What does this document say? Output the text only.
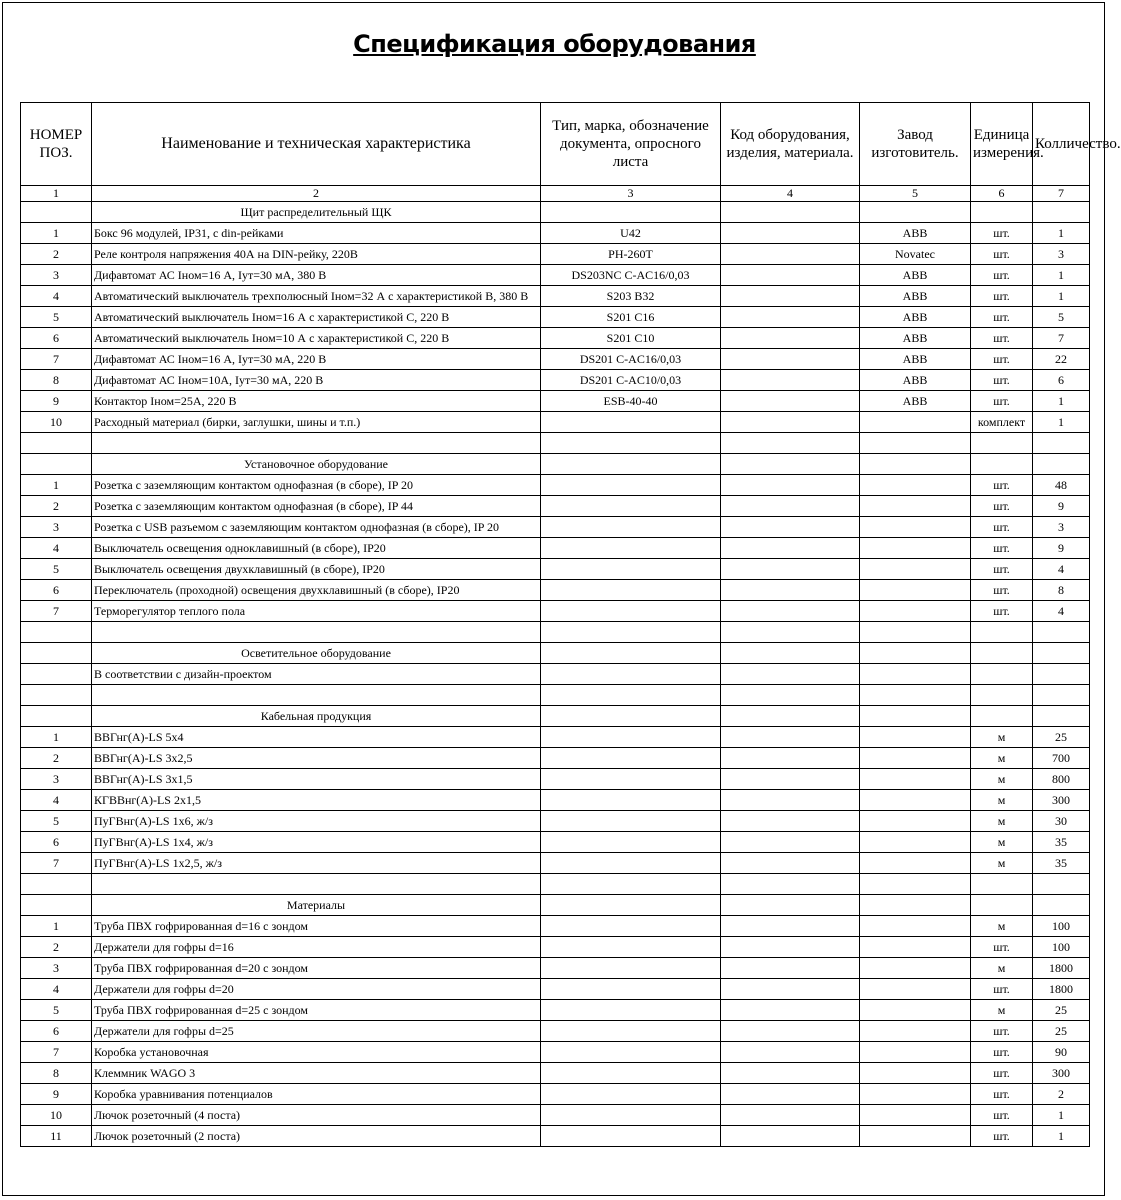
Спецификация оборудования
НОМЕР ПОЗ.	Наименование и техническая характеристика	Тип, марка, обозначение документа, опросного листа	Код оборудования, изделия, материала.	Завод изготовитель.	Единица измерения.	Колличество.
1	2	3	4	5	6	7
	Щит распределительный ЩК					
1	Бокс 96 модулей, IP31, с din-рейками	U42		ABB	шт.	1
2	Реле контроля напряжения 40А на DIN-рейку, 220В	РН-260Т		Novatec	шт.	3
3	Дифавтомат АС Iном=16 А, Iут=30 мА, 380 В	DS203NC C-AC16/0,03		ABB	шт.	1
4	Автоматический выключатель трехполюсный Iном=32 А с характеристикой В, 380 В	S203 B32		ABB	шт.	1
5	Автоматический выключатель Iном=16 А с характеристикой С, 220 В	S201 C16		ABB	шт.	5
6	Автоматический выключатель Iном=10 А с характеристикой С, 220 В	S201 C10		ABB	шт.	7
7	Дифавтомат АС Iном=16 А, Iут=30 мА, 220 В	DS201 C-AC16/0,03		ABB	шт.	22
8	Дифавтомат АС Iном=10А, Iут=30 мА, 220 В	DS201 C-AC10/0,03		ABB	шт.	6
9	Контактор Iном=25А, 220 В	ESB-40-40		ABB	шт.	1
10	Расходный материал (бирки, заглушки, шины и т.п.)				комплект	1

	Установочное оборудование					
1	Розетка с заземляющим контактом однофазная (в сборе), IP 20				шт.	48
2	Розетка с заземляющим контактом однофазная (в сборе), IP 44				шт.	9
3	Розетка с USB разъемом с заземляющим контактом однофазная (в сборе), IP 20				шт.	3
4	Выключатель освещения одноклавишный (в сборе), IP20				шт.	9
5	Выключатель освещения двухклавишный (в сборе), IP20				шт.	4
6	Переключатель (проходной) освещения двухклавишный (в сборе), IP20				шт.	8
7	Терморегулятор теплого пола				шт.	4

	Осветительное оборудование					
	В соответствии с дизайн-проектом					

	Кабельная продукция					
1	ВВГнг(А)-LS 5х4				м	25
2	ВВГнг(А)-LS 3х2,5				м	700
3	ВВГнг(А)-LS 3х1,5				м	800
4	КГВВнг(А)-LS 2х1,5				м	300
5	ПуГВнг(А)-LS 1х6, ж/з				м	30
6	ПуГВнг(А)-LS 1х4, ж/з				м	35
7	ПуГВнг(А)-LS 1х2,5, ж/з				м	35

	Материалы					
1	Труба ПВХ гофрированная d=16 с зондом				м	100
2	Держатели для гофры d=16				шт.	100
3	Труба ПВХ гофрированная d=20 с зондом				м	1800
4	Держатели для гофры d=20				шт.	1800
5	Труба ПВХ гофрированная d=25 с зондом				м	25
6	Держатели для гофры d=25				шт.	25
7	Коробка установочная				шт.	90
8	Клеммник WAGO 3				шт.	300
9	Коробка уравнивания потенциалов				шт.	2
10	Лючок розеточный (4 поста)				шт.	1
11	Лючок розеточный (2 поста)				шт.	1
